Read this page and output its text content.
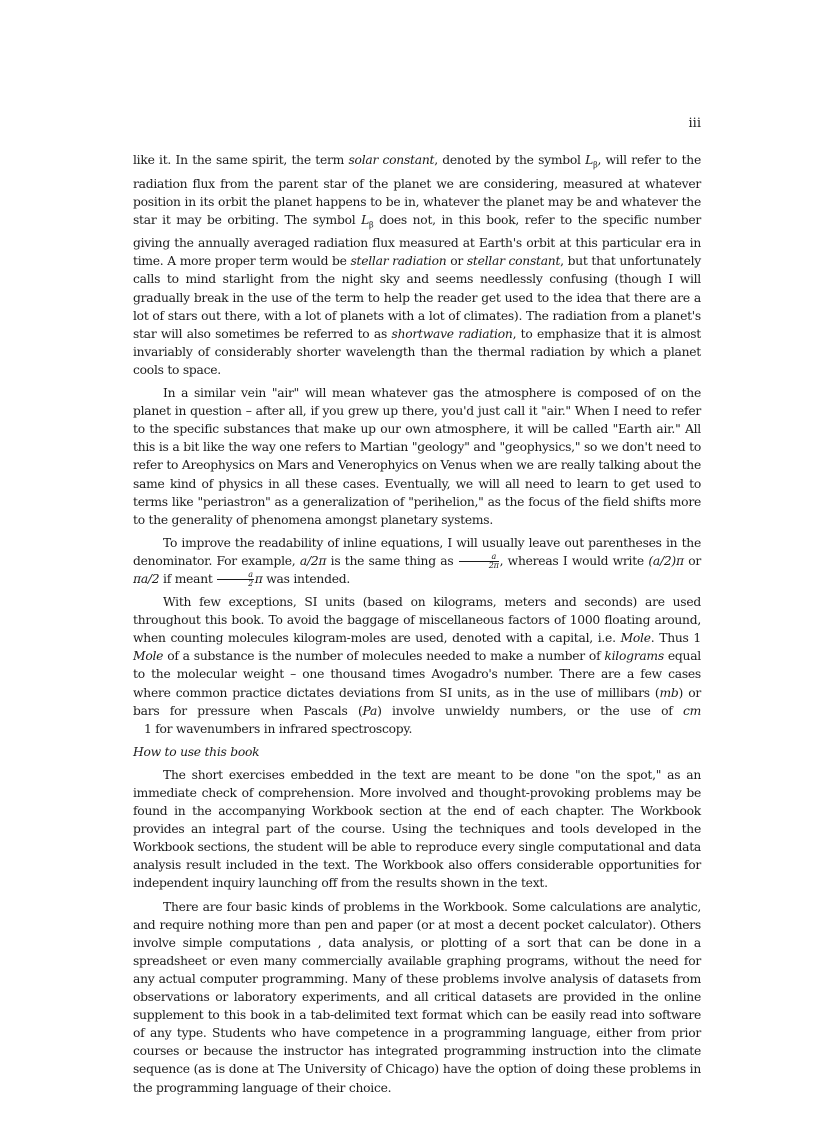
iii

like it. In the same spirit, the term solar constant, denoted by the symbol $L_\beta$, will refer to the radiation flux from the parent star of the planet we are considering, measured at whatever position in its orbit the planet happens to be in, whatever the planet may be and whatever the star it may be orbiting. The symbol $L_\beta$ does not, in this book, refer to the specific number giving the annually averaged radiation flux measured at Earth's orbit at this particular era in time. A more proper term would be stellar radiation or stellar constant, but that unfortunately calls to mind starlight from the night sky and seems needlessly confusing (though I will gradually break in the use of the term to help the reader get used to the idea that there are a lot of stars out there, with a lot of planets with a lot of climates). The radiation from a planet's star will also sometimes be referred to as shortwave radiation, to emphasize that it is almost invariably of considerably shorter wavelength than the thermal radiation by which a planet cools to space.

In a similar vein "air" will mean whatever gas the atmosphere is composed of on the planet in question – after all, if you grew up there, you'd just call it "air." When I need to refer to the specific substances that make up our own atmosphere, it will be called "Earth air." All this is a bit like the way one refers to Martian "geology" and "geophysics," so we don't need to refer to Areophysics on Mars and Venerophyics on Venus when we are really talking about the same kind of physics in all these cases. Eventually, we will all need to learn to get used to terms like "periastron" as a generalization of "perihelion," as the focus of the field shifts more to the generality of phenomena amongst planetary systems.

To improve the readability of inline equations, I will usually leave out parentheses in the denominator. For example, a/2π is the same thing as $\frac{a}{2\pi}$ , whereas I would write (a/2)π or πa/2 if meant $\frac{a}{2}$ π was intended.

With few exceptions, SI units (based on kilograms, meters and seconds) are used throughout this book. To avoid the baggage of miscellaneous factors of 1000 floating around, when counting molecules kilogram-moles are used, denoted with a capital, i.e. Mole. Thus 1 Mole of a substance is the number of molecules needed to make a number of kilograms equal to the molecular weight – one thousand times Avogadro's number. There are a few cases where common practice dictates deviations from SI units, as in the use of millibars (mb) or bars for pressure when Pascals (Pa) involve unwieldy numbers, or the use of cm   1 for wavenumbers in infrared spectroscopy.

How to use this book

The short exercises embedded in the text are meant to be done "on the spot," as an immediate check of comprehension. More involved and thought-provoking problems may be found in the accompanying Workbook section at the end of each chapter. The Workbook provides an integral part of the course. Using the techniques and tools developed in the Workbook sections, the student will be able to reproduce every single computational and data analysis result included in the text. The Workbook also offers considerable opportunities for independent inquiry launching off from the results shown in the text.

There are four basic kinds of problems in the Workbook. Some calculations are analytic, and require nothing more than pen and paper (or at most a decent pocket calculator). Others involve simple computations , data analysis, or plotting of a sort that can be done in a spreadsheet or even many commercially available graphing programs, without the need for any actual computer programming. Many of these problems involve analysis of datasets from observations or laboratory experiments, and all critical datasets are provided in the online supplement to this book in a tab-delimited text format which can be easily read into software of any type. Students who have competence in a programming language, either from prior courses or because the instructor has integrated programming instruction into the climate sequence (as is done at The University of Chicago) have the option of doing these problems in the programming language of their choice.
